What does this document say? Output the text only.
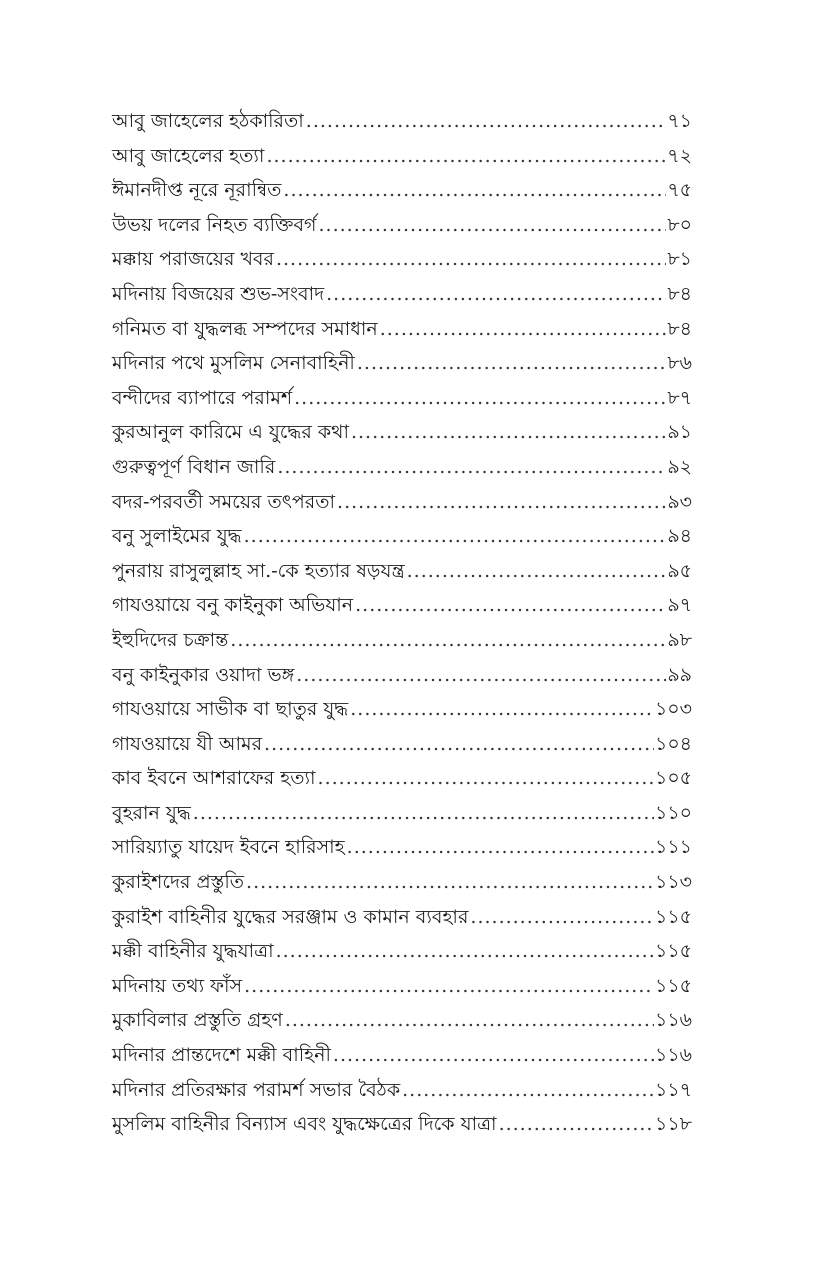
আবু জাহেলের হঠকারিতা .....	৭১
আবু জাহেলের হত্যা .....	৭২
ঈমানদীপ্ত নূরে নূরান্বিত .....	৭৫
উভয় দলের নিহত ব্যক্তিবর্গ .....	৮০
মক্কায় পরাজয়ের খবর .....	৮১
মদিনায় বিজয়ের শুভ-সংবাদ .....	৮৪
গনিমত বা যুদ্ধলব্ধ সম্পদের সমাধান .....	৮৪
মদিনার পথে মুসলিম সেনাবাহিনী .....	৮৬
বন্দীদের ব্যাপারে পরামর্শ .....	৮৭
কুরআনুল কারিমে এ যুদ্ধের কথা .....	৯১
গুরুত্বপূর্ণ বিধান জারি .....	৯২
বদর-পরবর্তী সময়ের তৎপরতা .....	৯৩
বনু সুলাইমের যুদ্ধ .....	৯৪
পুনরায় রাসুলুল্লাহ সা.-কে হত্যার ষড়যন্ত্র .....	৯৫
গাযওয়ায়ে বনু কাইনুকা অভিযান .....	৯৭
ইহুদিদের চক্রান্ত .....	৯৮
বনু কাইনুকার ওয়াদা ভঙ্গ .....	৯৯
গাযওয়ায়ে সাভীক বা ছাতুর যুদ্ধ .....	১০৩
গাযওয়ায়ে যী আমর .....	১০৪
কাব ইবনে আশরাফের হত্যা .....	১০৫
বুহরান যুদ্ধ .....	১১০
সারিয়্যাতু যায়েদ ইবনে হারিসাহ .....	১১১
কুরাইশদের প্রস্তুতি .....	১১৩
কুরাইশ বাহিনীর যুদ্ধের সরঞ্জাম ও কামান ব্যবহার .....	১১৫
মক্কী বাহিনীর যুদ্ধযাত্রা .....	১১৫
মদিনায় তথ্য ফাঁস .....	১১৫
মুকাবিলার প্রস্তুতি গ্রহণ .....	১১৬
মদিনার প্রান্তদেশে মক্কী বাহিনী .....	১১৬
মদিনার প্রতিরক্ষার পরামর্শ সভার বৈঠক .....	১১৭
মুসলিম বাহিনীর বিন্যাস এবং যুদ্ধক্ষেত্রের দিকে যাত্রা .....	১১৮
